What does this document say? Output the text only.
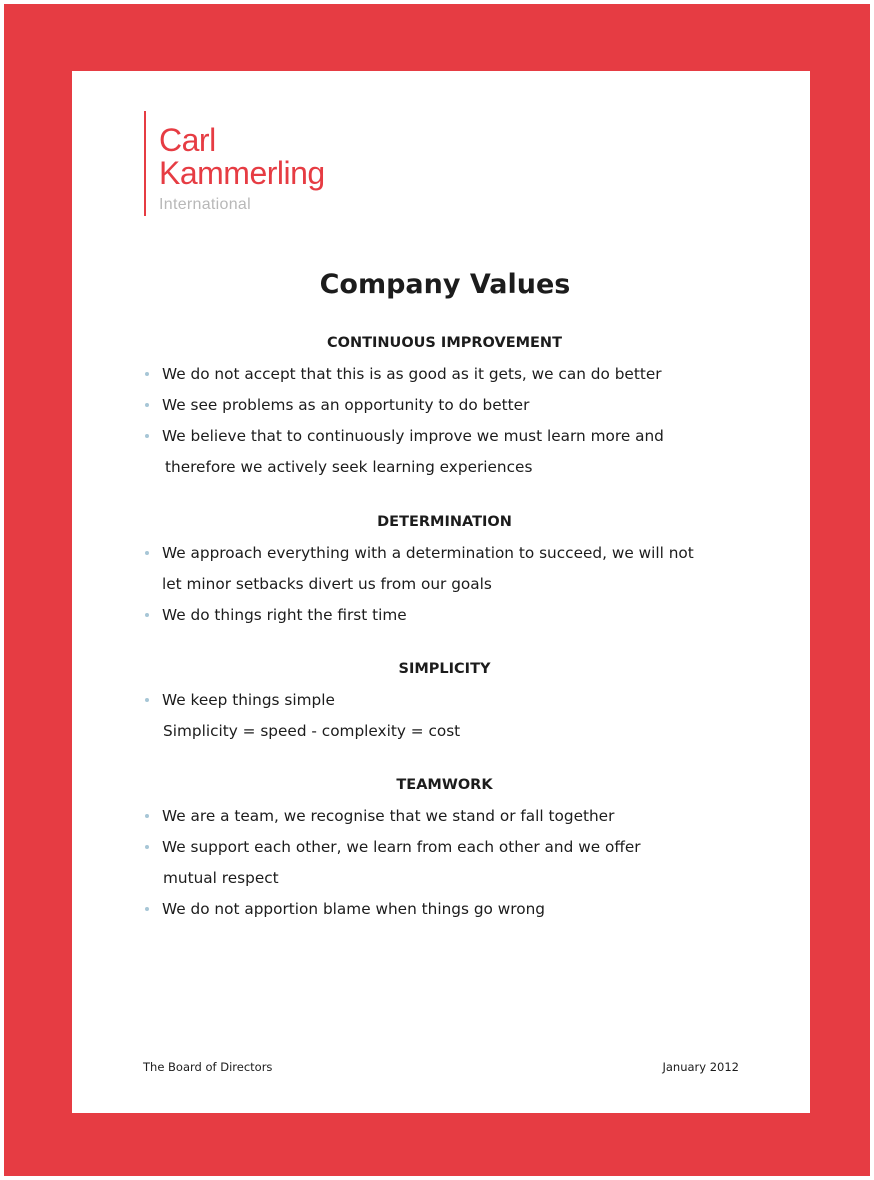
Carl
Kammerling
International
Company Values
CONTINUOUS IMPROVEMENT
We do not accept that this is as good as it gets, we can do better
We see problems as an opportunity to do better
We believe that to continuously improve we must learn more and
therefore we actively seek learning experiences
DETERMINATION
We approach everything with a determination to succeed, we will not
let minor setbacks divert us from our goals
We do things right the first time
SIMPLICITY
We keep things simple
Simplicity = speed - complexity = cost
TEAMWORK
We are a team, we recognise that we stand or fall together
We support each other, we learn from each other and we offer
mutual respect
We do not apportion blame when things go wrong
The Board of Directors	January 2012
